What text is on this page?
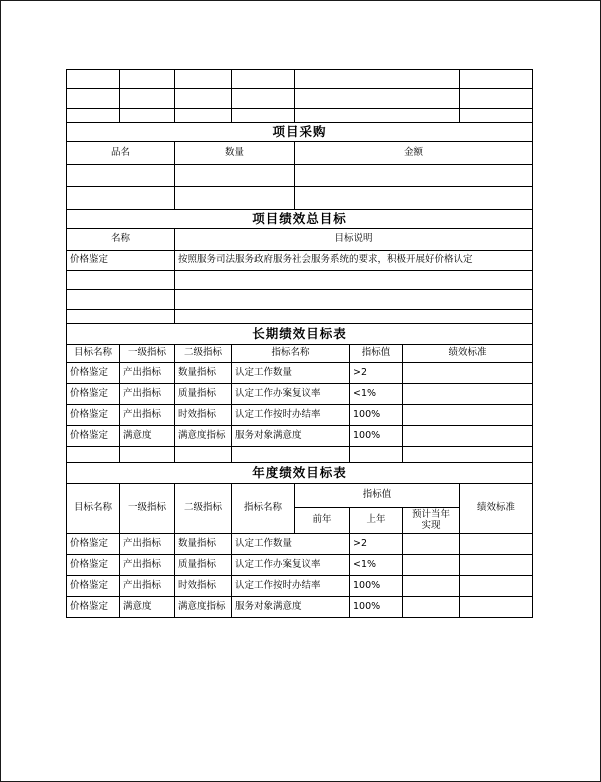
项目采购		
品名	数量	金额

项目绩效总目标	
名称	目标说明
价格鉴定	按照服务司法服务政府服务社会服务系统的要求，积极开展好价格认定

长期绩效目标表					
目标名称	一级指标	二级指标	指标名称	指标值	绩效标准
价格鉴定	产出指标	数量指标	认定工作数量	>2	
价格鉴定	产出指标	质量指标	认定工作办案复议率	<1%	
价格鉴定	产出指标	时效指标	认定工作按时办结率	100%	
价格鉴定	满意度	满意度指标	服务对象满意度	100%	

年度绩效目标表							
目标名称	一级指标	二级指标	指标名称	指标值			绩效标准
				前年	上年	预计当年实现	
价格鉴定	产出指标	数量指标	认定工作数量		>2		
价格鉴定	产出指标	质量指标	认定工作办案复议率		<1%		
价格鉴定	产出指标	时效指标	认定工作按时办结率		100%		
价格鉴定	满意度	满意度指标	服务对象满意度		100%		
